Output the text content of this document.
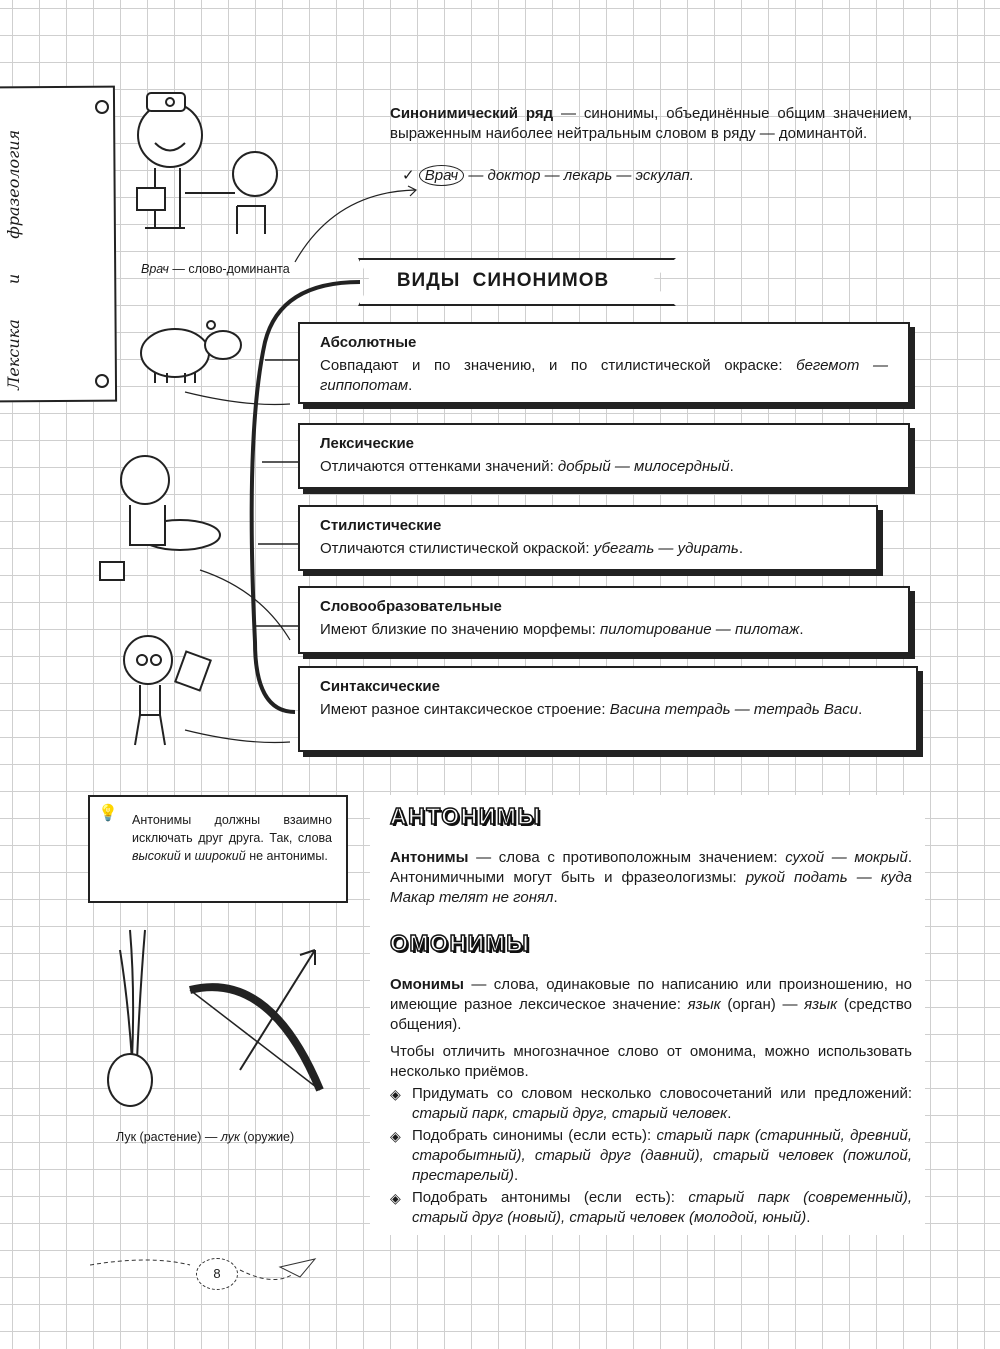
Лексика и фразеология	Врач — слово-доминанта
Лук (растение) — лук (оружие)
Синонимический ряд — синонимы, объединённые общим значением, выраженным наиболее нейтральным словом в ряду — доминантой.
✓ Врач — доктор — лекарь — эскулап.
ВИДЫ СИНОНИМОВ
Абсолютные
Совпадают и по значению, и по стилистической окраске: бегемот — гиппопотам.
Лексические
Отличаются оттенками значений: добрый — милосердный.
Стилистические
Отличаются стилистической окраской: убегать — удирать.
Словообразовательные
Имеют близкие по значению морфемы: пилотирование — пилотаж.
Синтаксические
Имеют разное синтаксическое строение: Васина тетрадь — тетрадь Васи.
💡 Антонимы должны взаимно исключать друг друга. Так, слова высокий и широкий не антонимы.
АНТОНИМЫ
Антонимы — слова с противоположным значением: сухой — мокрый. Антонимичными могут быть и фразеологизмы: рукой подать — куда Макар телят не гонял.
ОМОНИМЫ
Омонимы — слова, одинаковые по написанию или произношению, но имеющие разное лексическое значение: язык (орган) — язык (средство общения).
Чтобы отличить многозначное слово от омонима, можно использовать несколько приёмов.
◈ Придумать со словом несколько словосочетаний или предложений: старый парк, старый друг, старый человек.
◈ Подобрать синонимы (если есть): старый парк (старинный, древний, старобытный), старый друг (давний), старый человек (пожилой, престарелый).
◈ Подобрать антонимы (если есть): старый парк (современный), старый друг (новый), старый человек (молодой, юный).
8
